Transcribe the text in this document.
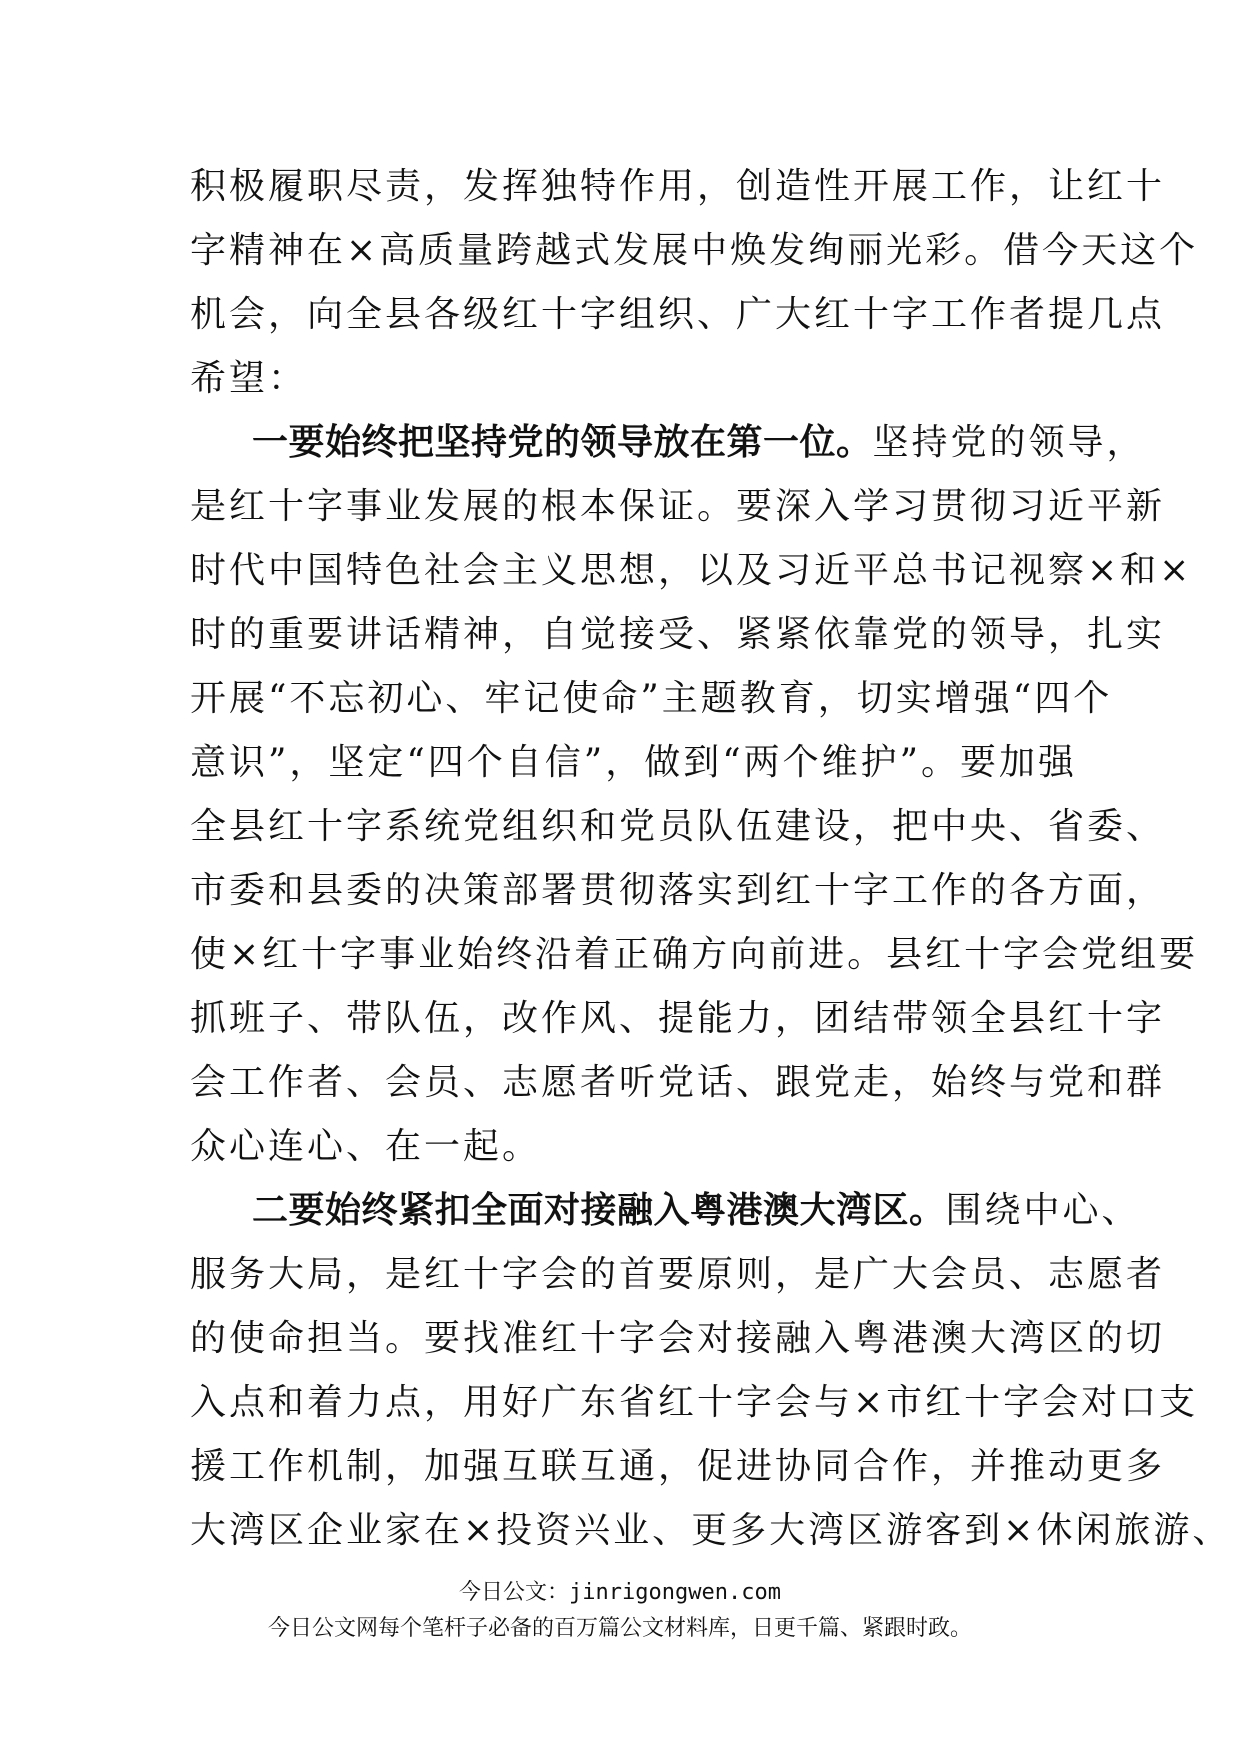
积极履职尽责，发挥独特作用，创造性开展工作，让红十
字精神在×高质量跨越式发展中焕发绚丽光彩。借今天这个
机会，向全县各级红十字组织、广大红十字工作者提几点
希望：
一要始终把坚持党的领导放在第一位。坚持党的领导，
是红十字事业发展的根本保证。要深入学习贯彻习近平新
时代中国特色社会主义思想，以及习近平总书记视察×和×
时的重要讲话精神，自觉接受、紧紧依靠党的领导，扎实
开展“不忘初心、牢记使命”主题教育，切实增强“四个
意识”，坚定“四个自信”，做到“两个维护”。要加强
全县红十字系统党组织和党员队伍建设，把中央、省委、
市委和县委的决策部署贯彻落实到红十字工作的各方面，
使×红十字事业始终沿着正确方向前进。县红十字会党组要
抓班子、带队伍，改作风、提能力，团结带领全县红十字
会工作者、会员、志愿者听党话、跟党走，始终与党和群
众心连心、在一起。
二要始终紧扣全面对接融入粤港澳大湾区。围绕中心、
服务大局，是红十字会的首要原则，是广大会员、志愿者
的使命担当。要找准红十字会对接融入粤港澳大湾区的切
入点和着力点，用好广东省红十字会与×市红十字会对口支
援工作机制，加强互联互通，促进协同合作，并推动更多
大湾区企业家在×投资兴业、更多大湾区游客到×休闲旅游、
今日公文：jinrigongwen.com
今日公文网每个笔杆子必备的百万篇公文材料库，日更千篇、紧跟时政。
